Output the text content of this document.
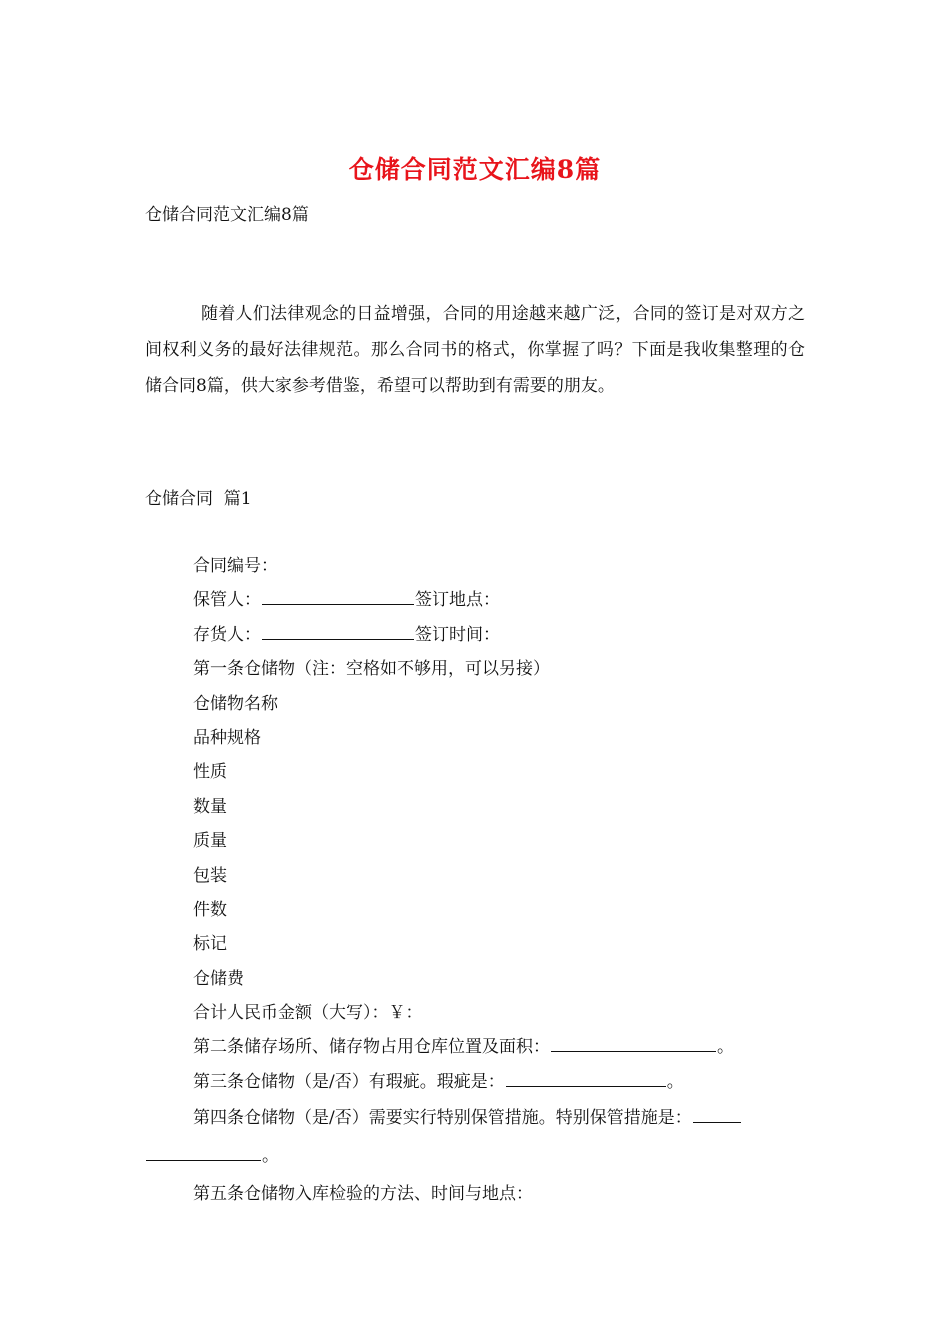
仓储合同范文汇编8篇
仓储合同范文汇编8篇
随着人们法律观念的日益增强，合同的用途越来越广泛，合同的签订是对双方之间权利义务的最好法律规范。那么合同书的格式，你掌握了吗？下面是我收集整理的仓储合同8篇，供大家参考借鉴，希望可以帮助到有需要的朋友。
仓储合同  篇1
合同编号：
保管人：	签订地点：
存货人：	签订时间：
第一条仓储物（注：空格如不够用，可以另接）
仓储物名称
品种规格
性质
数量
质量
包装
件数
标记
仓储费
合计人民币金额（大写）：￥：
第二条储存场所、储存物占用仓库位置及面积：	。
第三条仓储物（是/否）有瑕疵。瑕疵是：	。
第四条仓储物（是/否）需要实行特别保管措施。特别保管措施是：
。
第五条仓储物入库检验的方法、时间与地点：
